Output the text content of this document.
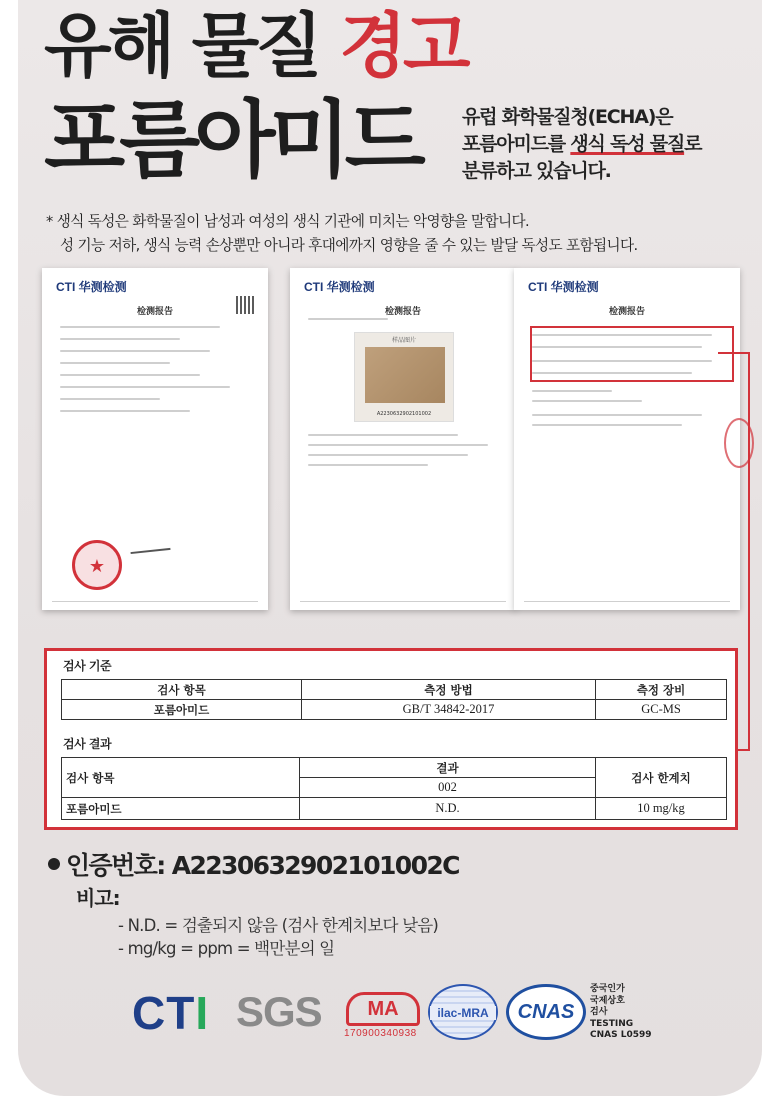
유해 물질 경고
포름아미드 유럽 화학물질청(ECHA)은
포름아미드를 생식 독성 물질로
분류하고 있습니다.
* 생식 독성은 화학물질이 남성과 여성의 생식 기관에 미치는 악영향을 말합니다.
성 기능 저하, 생식 능력 손상뿐만 아니라 후대에까지 영향을 줄 수 있는 발달 독성도 포함됩니다.
CTI 华测检测
检测报告
★
CTI 华测检测
检测报告
样品图片
A2230632902101002
CTI 华测检测
检测报告
검사 기준
검사 항목	측정 방법	측정 장비
포름아미드	GB/T 34842-2017	GC-MS
검사 결과
검사 항목	결과	검사 한계치
	002	
포름아미드	N.D.	10 mg/kg
인증번호: A2230632902101002C
비고:
- N.D. = 검출되지 않음 (검사 한계치보다 낮음)
- mg/kg = ppm = 백만분의 일
CTI SGS	MA
170900340938
ilac-MRA	CNAS
중국인가
국제상호
검사
TESTING
CNAS L0599
